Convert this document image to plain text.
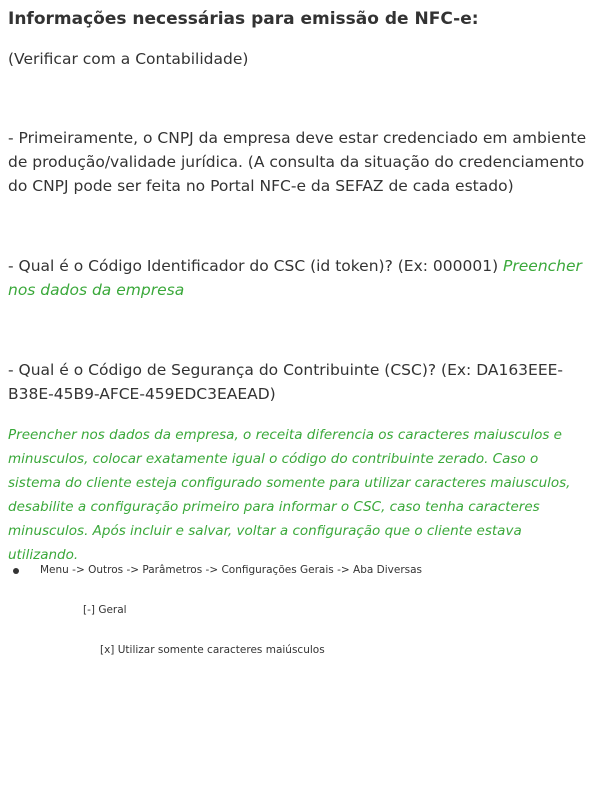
Informações necessárias para emissão de NFC-e:
(Verificar com a Contabilidade)
- Primeiramente, o CNPJ da empresa deve estar credenciado em ambiente de produção/validade jurídica. (A consulta da situação do credenciamento do CNPJ pode ser feita no Portal NFC-e da SEFAZ de cada estado)
- Qual é o Código Identificador do CSC (id token)? (Ex: 000001) Preencher nos dados da empresa
- Qual é o Código de Segurança do Contribuinte (CSC)? (Ex: DA163EEE-B38E-45B9-AFCE-459EDC3EAEAD)
Preencher nos dados da empresa, o receita diferencia os caracteres maiusculos e minusculos, colocar exatamente igual o código do contribuinte zerado. Caso o sistema do cliente esteja configurado somente para utilizar caracteres maiusculos, desabilite a configuração primeiro para informar o CSC, caso tenha caracteres minusculos. Após incluir e salvar, voltar a configuração que o cliente estava utilizando.
Menu -> Outros -> Parâmetros -> Configurações Gerais -> Aba Diversas
[-] Geral
[x] Utilizar somente caracteres maiúsculos
